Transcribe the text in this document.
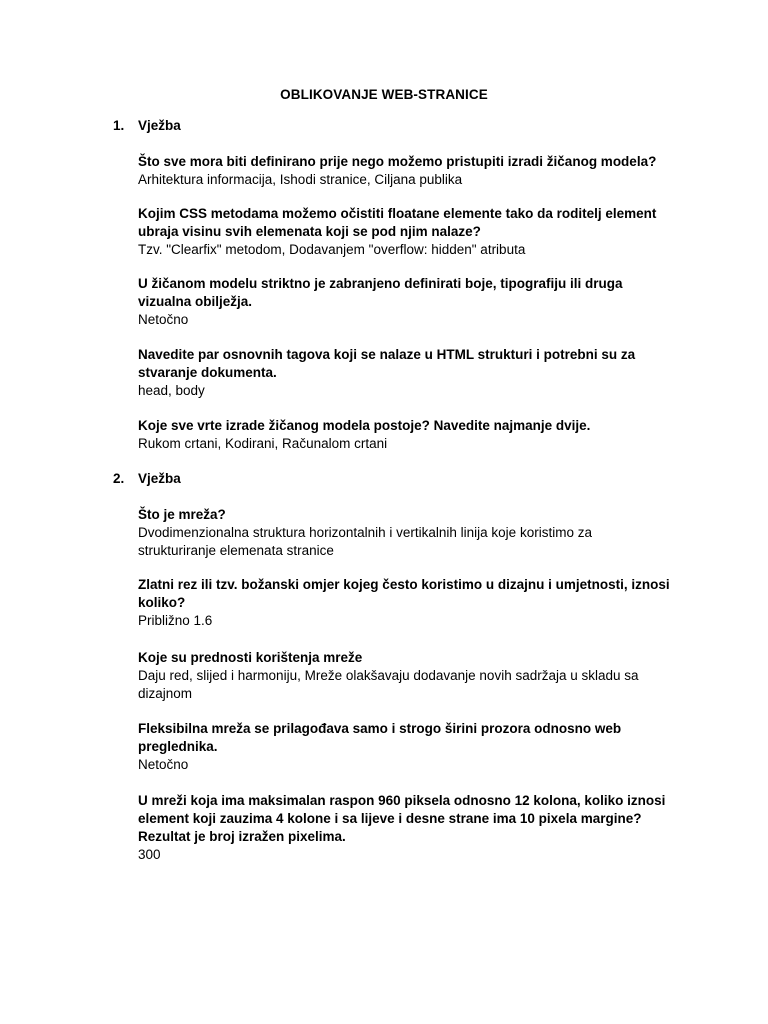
OBLIKOVANJE WEB-STRANICE
1. Vježba
Što sve mora biti definirano prije nego možemo pristupiti izradi žičanog modela?
Arhitektura informacija, Ishodi stranice, Ciljana publika
Kojim CSS metodama možemo očistiti floatane elemente tako da roditelj element ubraja visinu svih elemenata koji se pod njim nalaze?
Tzv. "Clearfix" metodom, Dodavanjem "overflow: hidden" atributa
U žičanom modelu striktno je zabranjeno definirati boje, tipografiju ili druga vizualna obilježja.
Netočno
Navedite par osnovnih tagova koji se nalaze u HTML strukturi i potrebni su za stvaranje dokumenta.
head, body
Koje sve vrte izrade žičanog modela postoje? Navedite najmanje dvije.
Rukom crtani, Kodirani, Računalom crtani
2. Vježba
Što je mreža?
Dvodimenzionalna struktura horizontalnih i vertikalnih linija koje koristimo za strukturiranje elemenata stranice
Zlatni rez ili tzv. božanski omjer kojeg često koristimo u dizajnu i umjetnosti, iznosi koliko?
Približno 1.6
Koje su prednosti korištenja mreže
Daju red, slijed i harmoniju, Mreže olakšavaju dodavanje novih sadržaja u skladu sa dizajnom
Fleksibilna mreža se prilagođava samo i strogo širini prozora odnosno web preglednika.
Netočno
U mreži koja ima maksimalan raspon 960 piksela odnosno 12 kolona, koliko iznosi element koji zauzima 4 kolone i sa lijeve i desne strane ima 10 pixela margine? Rezultat je broj izražen pixelima.
300
